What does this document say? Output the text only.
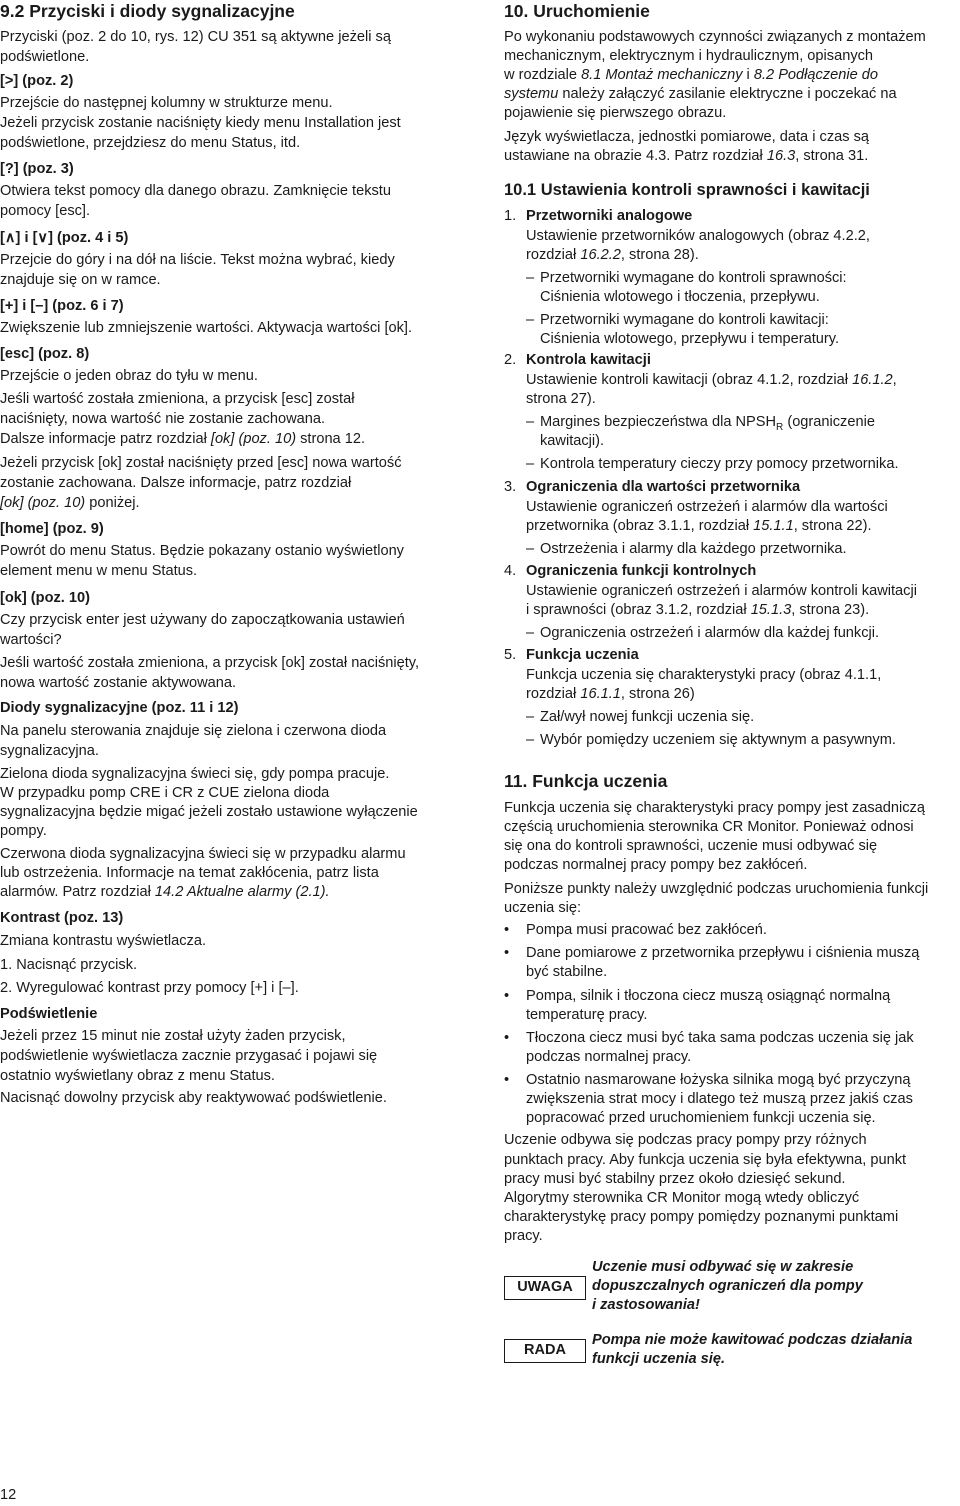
9.2 Przyciski i diody sygnalizacyjne
Przyciski (poz. 2 do 10, rys. 12) CU 351 są aktywne jeżeli są
podświetlone.
[>] (poz. 2)
Przejście do następnej kolumny w strukturze menu.
Jeżeli przycisk zostanie naciśnięty kiedy menu Installation jest
podświetlone, przejdziesz do menu Status, itd.
[?] (poz. 3)
Otwiera tekst pomocy dla danego obrazu. Zamknięcie tekstu
pomocy [esc].
[∧] i [∨] (poz. 4 i 5)
Przejcie do góry i na dół na liście. Tekst można wybrać, kiedy
znajduje się on w ramce.
[+] i [–] (poz. 6 i 7)
Zwiększenie lub zmniejszenie wartości. Aktywacja wartości [ok].
[esc] (poz. 8)
Przejście o jeden obraz do tyłu w menu.
Jeśli wartość została zmieniona, a przycisk [esc] został
naciśnięty, nowa wartość nie zostanie zachowana.
Dalsze informacje patrz rozdział [ok] (poz. 10) strona 12.
Jeżeli przycisk [ok] został naciśnięty przed [esc] nowa wartość
zostanie zachowana. Dalsze informacje, patrz rozdział
[ok] (poz. 10) poniżej.
[home] (poz. 9)
Powrót do menu Status. Będzie pokazany ostanio wyświetlony
element menu w menu Status.
[ok] (poz. 10)
Czy przycisk enter jest używany do zapoczątkowania ustawień
wartości?
Jeśli wartość została zmieniona, a przycisk [ok] został naciśnięty,
nowa wartość zostanie aktywowana.
Diody sygnalizacyjne (poz. 11 i 12)
Na panelu sterowania znajduje się zielona i czerwona dioda
sygnalizacyjna.
Zielona dioda sygnalizacyjna świeci się, gdy pompa pracuje.
W przypadku pomp CRE i CR z CUE zielona dioda
sygnalizacyjna będzie migać jeżeli zostało ustawione wyłączenie
pompy.
Czerwona dioda sygnalizacyjna świeci się w przypadku alarmu
lub ostrzeżenia. Informacje na temat zakłócenia, patrz lista
alarmów. Patrz rozdział 14.2 Aktualne alarmy (2.1).
Kontrast (poz. 13)
Zmiana kontrastu wyświetlacza.
1. Nacisnąć przycisk.
2. Wyregulować kontrast przy pomocy [+] i [–].
Podświetlenie
Jeżeli przez 15 minut nie został użyty żaden przycisk,
podświetlenie wyświetlacza zacznie przygasać i pojawi się
ostatnio wyświetlany obraz z menu Status.
Nacisnąć dowolny przycisk aby reaktywować podświetlenie.
10. Uruchomienie
Po wykonaniu podstawowych czynności związanych z montażem
mechanicznym, elektrycznym i hydraulicznym, opisanych
w rozdziale 8.1 Montaż mechaniczny i 8.2 Podłączenie do
systemu należy załączyć zasilanie elektryczne i poczekać na
pojawienie się pierwszego obrazu.
Język wyświetlacza, jednostki pomiarowe, data i czas są
ustawiane na obrazie 4.3. Patrz rozdział 16.3, strona 31.
10.1 Ustawienia kontroli sprawności i kawitacji
1. Przetworniki analogowe
Ustawienie przetworników analogowych (obraz 4.2.2,
rozdział 16.2.2, strona 28).
– Przetworniki wymagane do kontroli sprawności:
Ciśnienia wlotowego i tłoczenia, przepływu.
– Przetworniki wymagane do kontroli kawitacji:
Ciśnienia wlotowego, przepływu i temperatury.
2. Kontrola kawitacji
Ustawienie kontroli kawitacji (obraz 4.1.2, rozdział 16.1.2,
strona 27).
– Margines bezpieczeństwa dla $NPSH_R$ (ograniczenie
kawitacji).
– Kontrola temperatury cieczy przy pomocy przetwornika.
3. Ograniczenia dla wartości przetwornika
Ustawienie ograniczeń ostrzeżeń i alarmów dla wartości
przetwornika (obraz 3.1.1, rozdział 15.1.1, strona 22).
– Ostrzeżenia i alarmy dla każdego przetwornika.
4. Ograniczenia funkcji kontrolnych
Ustawienie ograniczeń ostrzeżeń i alarmów kontroli kawitacji
i sprawności (obraz 3.1.2, rozdział 15.1.3, strona 23).
– Ograniczenia ostrzeżeń i alarmów dla każdej funkcji.
5. Funkcja uczenia
Funkcja uczenia się charakterystyki pracy (obraz 4.1.1,
rozdział 16.1.1, strona 26)
– Zał/wył nowej funkcji uczenia się.
– Wybór pomiędzy uczeniem się aktywnym a pasywnym.
11. Funkcja uczenia
Funkcja uczenia się charakterystyki pracy pompy jest zasadniczą
częścią uruchomienia sterownika CR Monitor. Ponieważ odnosi
się ona do kontroli sprawności, uczenie musi odbywać się
podczas normalnej pracy pompy bez zakłóceń.
Poniższe punkty należy uwzględnić podczas uruchomienia funkcji
uczenia się:
• Pompa musi pracować bez zakłóceń.
• Dane pomiarowe z przetwornika przepływu i ciśnienia muszą
być stabilne.
• Pompa, silnik i tłoczona ciecz muszą osiągnąć normalną
temperaturę pracy.
• Tłoczona ciecz musi być taka sama podczas uczenia się jak
podczas normalnej pracy.
• Ostatnio nasmarowane łożyska silnika mogą być przyczyną
zwiększenia strat mocy i dlatego też muszą przez jakiś czas
popracować przed uruchomieniem funkcji uczenia się.
Uczenie odbywa się podczas pracy pompy przy różnych
punktach pracy. Aby funkcja uczenia się była efektywna, punkt
pracy musi być stabilny przez około dziesięć sekund.
Algorytmy sterownika CR Monitor mogą wtedy obliczyć
charakterystykę pracy pompy pomiędzy poznanymi punktami
pracy.
UWAGA
Uczenie musi odbywać się w zakresie
dopuszczalnych ograniczeń dla pompy
i zastosowania!
RADA
Pompa nie może kawitować podczas działania
funkcji uczenia się.
12
